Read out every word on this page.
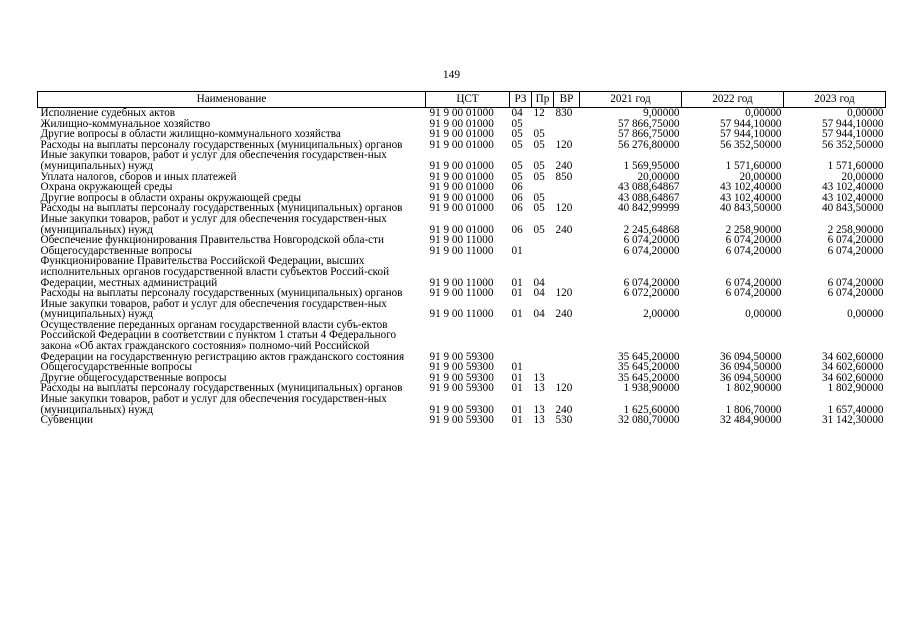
149
Наименование	ЦСТ	РЗ	Пр	ВР	2021 год	2022 год	2023 год
Исполнение судебных актов	91 9 00 01000	04	12	830	9,00000	0,00000	0,00000
Жилищно-коммунальное хозяйство	91 9 00 01000	05			57 866,75000	57 944,10000	57 944,10000
Другие вопросы в области жилищно-коммунального хозяйства	91 9 00 01000	05	05		57 866,75000	57 944,10000	57 944,10000
Расходы на выплаты персоналу государственных (муниципальных) органов	91 9 00 01000	05	05	120	56 276,80000	56 352,50000	56 352,50000
Иные закупки товаров, работ и услуг для обеспечения государствен-ных (муниципальных) нужд	91 9 00 01000	05	05	240	1 569,95000	1 571,60000	1 571,60000
Уплата налогов, сборов и иных платежей	91 9 00 01000	05	05	850	20,00000	20,00000	20,00000
Охрана окружающей среды	91 9 00 01000	06			43 088,64867	43 102,40000	43 102,40000
Другие вопросы в области охраны окружающей среды	91 9 00 01000	06	05		43 088,64867	43 102,40000	43 102,40000
Расходы на выплаты персоналу государственных (муниципальных) органов	91 9 00 01000	06	05	120	40 842,99999	40 843,50000	40 843,50000
Иные закупки товаров, работ и услуг для обеспечения государствен-ных (муниципальных) нужд	91 9 00 01000	06	05	240	2 245,64868	2 258,90000	2 258,90000
Обеспечение функционирования Правительства Новгородской обла-сти	91 9 00 11000				6 074,20000	6 074,20000	6 074,20000
Общегосударственные вопросы	91 9 00 11000	01			6 074,20000	6 074,20000	6 074,20000
Функционирование Правительства Российской Федерации, высших исполнительных органов государственной власти субъектов Россий-ской Федерации, местных администраций	91 9 00 11000	01	04		6 074,20000	6 074,20000	6 074,20000
Расходы на выплаты персоналу государственных (муниципальных) органов	91 9 00 11000	01	04	120	6 072,20000	6 074,20000	6 074,20000
Иные закупки товаров, работ и услуг для обеспечения государствен-ных (муниципальных) нужд	91 9 00 11000	01	04	240	2,00000	0,00000	0,00000
Осуществление переданных органам государственной власти субъ-ектов Российской Федерации в соответствии с пунктом 1 статьи 4 Федерального закона «Об актах гражданского состояния» полномо-чий Российской Федерации на государственную регистрацию актов гражданского состояния	91 9 00 59300				35 645,20000	36 094,50000	34 602,60000
Общегосударственные вопросы	91 9 00 59300	01			35 645,20000	36 094,50000	34 602,60000
Другие общегосударственные вопросы	91 9 00 59300	01	13		35 645,20000	36 094,50000	34 602,60000
Расходы на выплаты персоналу государственных (муниципальных) органов	91 9 00 59300	01	13	120	1 938,90000	1 802,90000	1 802,90000
Иные закупки товаров, работ и услуг для обеспечения государствен-ных (муниципальных) нужд	91 9 00 59300	01	13	240	1 625,60000	1 806,70000	1 657,40000
Субвенции	91 9 00 59300	01	13	530	32 080,70000	32 484,90000	31 142,30000
